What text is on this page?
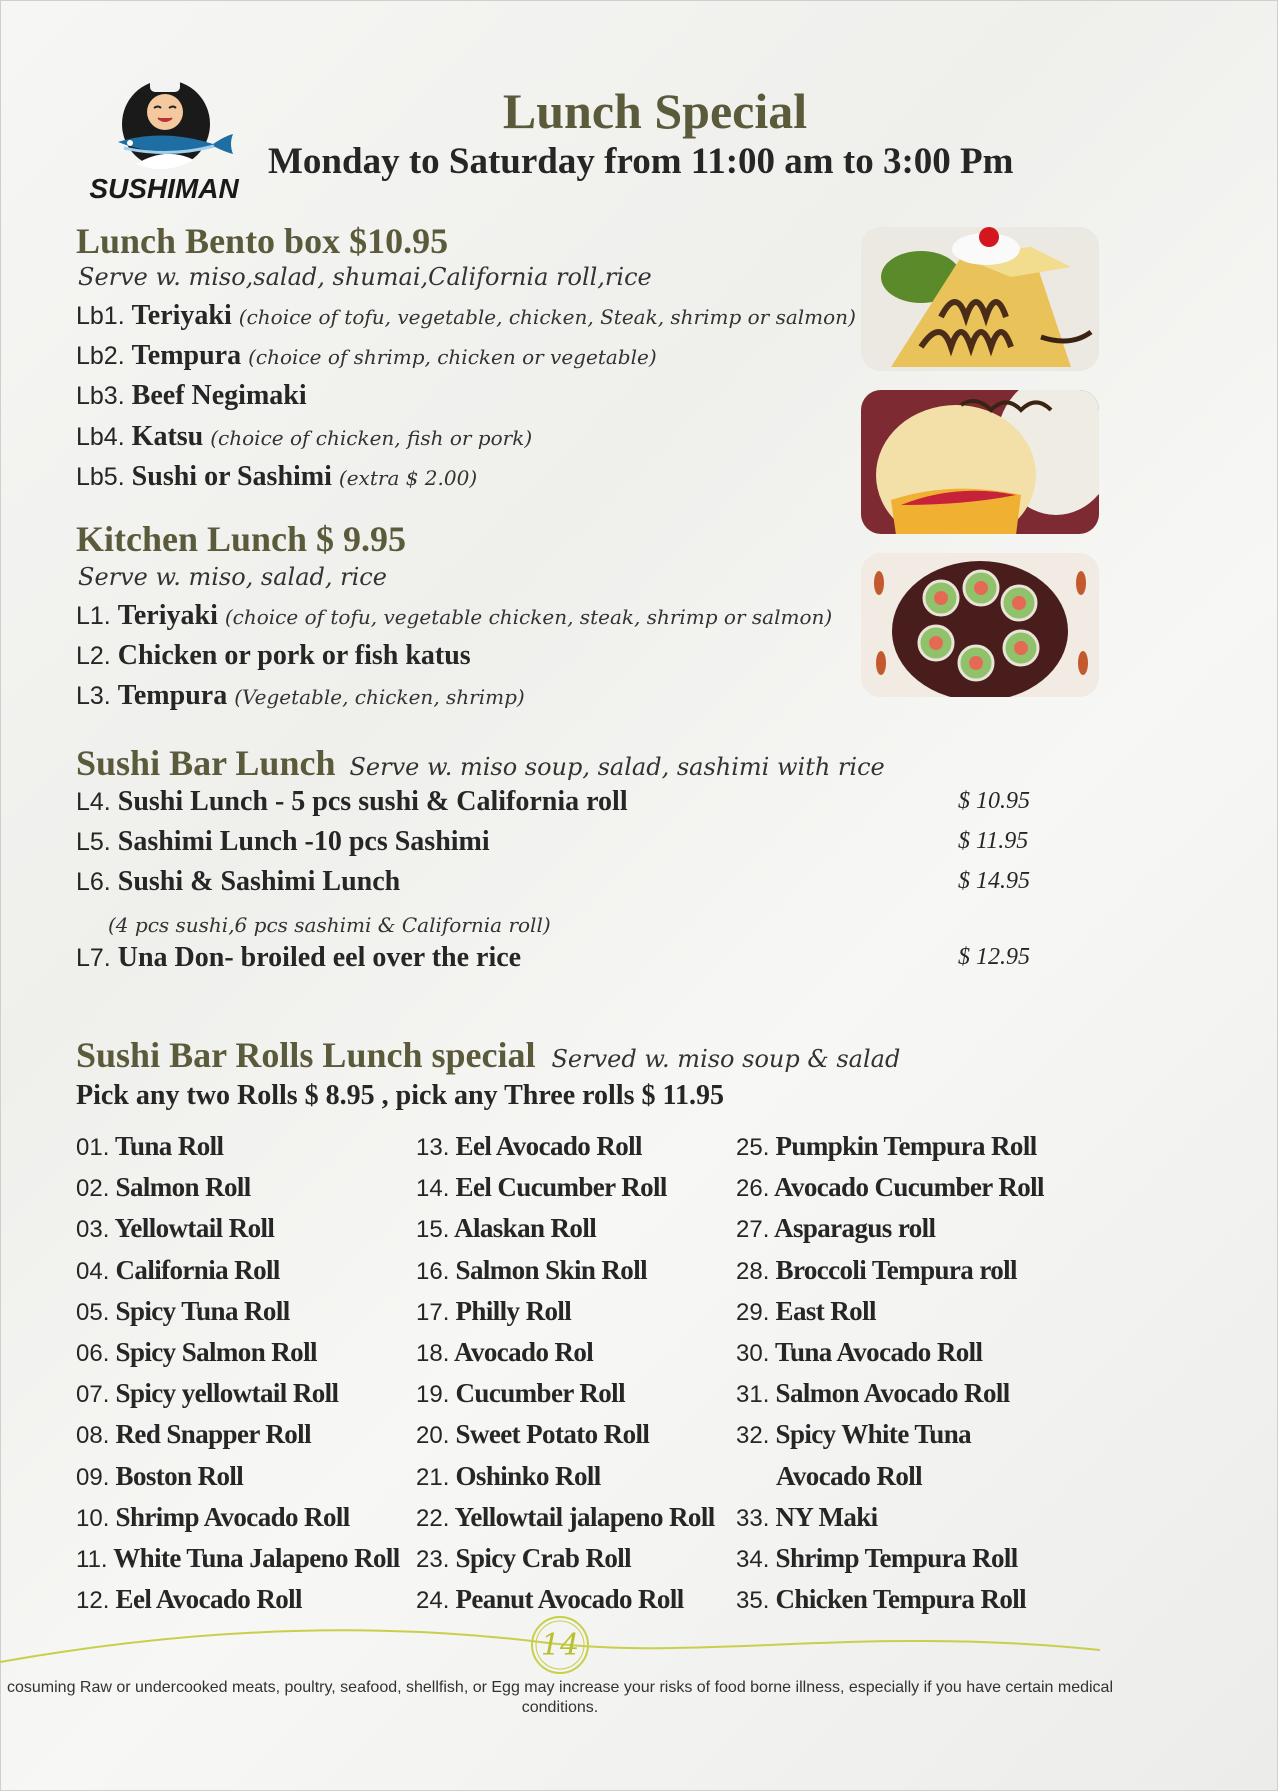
SUSHIMAN
Lunch Special
Monday to Saturday from 11:00 am to 3:00 Pm
Lunch Bento box $10.95
Serve w. miso,salad, shumai,California roll,rice
Lb1. Teriyaki (choice of tofu, vegetable, chicken, Steak, shrimp or salmon)
Lb2. Tempura (choice of shrimp, chicken or vegetable)
Lb3. Beef Negimaki
Lb4. Katsu (choice of chicken, fish or pork)
Lb5. Sushi or Sashimi (extra $ 2.00)
Kitchen Lunch $ 9.95
Serve w. miso, salad, rice
L1. Teriyaki (choice of tofu, vegetable chicken, steak, shrimp or salmon)
L2. Chicken or pork or fish katus
L3. Tempura (Vegetable, chicken, shrimp)
Sushi Bar Lunch Serve w. miso soup, salad, sashimi with rice
L4. Sushi Lunch - 5 pcs sushi & California roll	$ 10.95
L5. Sashimi Lunch -10 pcs Sashimi	$ 11.95
L6. Sushi & Sashimi Lunch	$ 14.95
(4 pcs sushi,6 pcs sashimi & California roll)
L7. Una Don- broiled eel over the rice	$ 12.95
Sushi Bar Rolls Lunch special Served w. miso soup & salad
Pick any two Rolls $ 8.95 , pick any Three rolls $ 11.95
01. Tuna Roll
02. Salmon Roll
03. Yellowtail Roll
04. California Roll
05. Spicy Tuna Roll
06. Spicy Salmon Roll
07. Spicy yellowtail Roll
08. Red Snapper Roll
09. Boston Roll
10. Shrimp Avocado Roll
11. White Tuna Jalapeno Roll
12. Eel Avocado Roll
13. Eel Avocado Roll
14. Eel Cucumber Roll
15. Alaskan Roll
16. Salmon Skin Roll
17. Philly Roll
18. Avocado Rol
19. Cucumber Roll
20. Sweet Potato Roll
21. Oshinko Roll
22. Yellowtail jalapeno Roll
23. Spicy Crab Roll
24. Peanut Avocado Roll
25. Pumpkin Tempura Roll
26. Avocado Cucumber Roll
27. Asparagus roll
28. Broccoli Tempura roll
29. East Roll
30. Tuna Avocado Roll
31. Salmon Avocado Roll
32. Spicy White Tuna
Avocado Roll
33. NY Maki
34. Shrimp Tempura Roll
35. Chicken Tempura Roll
14
cosuming Raw or undercooked meats, poultry, seafood, shellfish, or Egg may increase your risks of food borne illness, especially if you have certain medical conditions.
